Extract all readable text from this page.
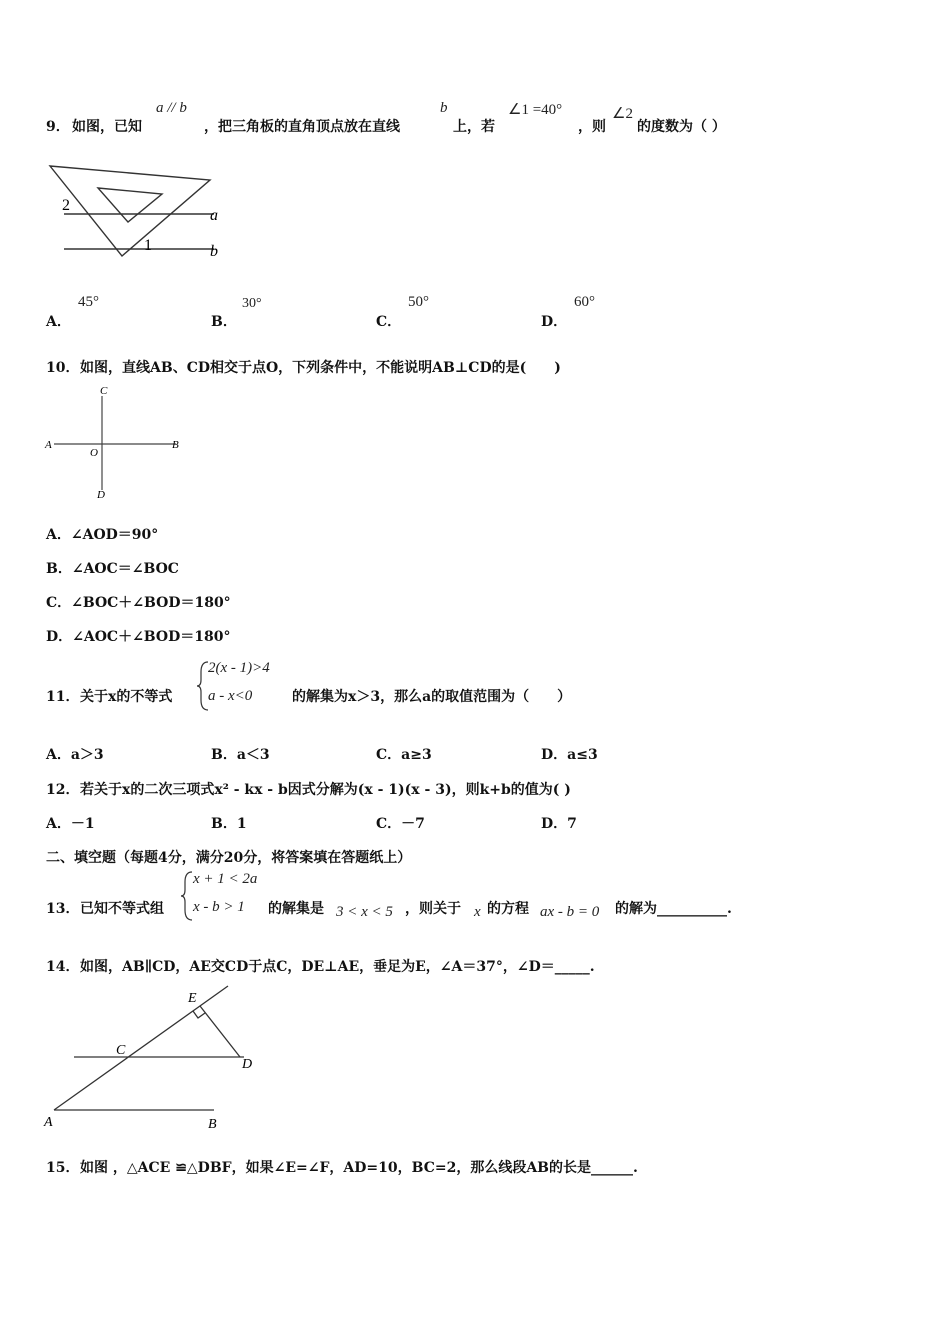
9． 如图，已知
a // b
，把三角板的直角顶点放在直线
b
上，若
∠1 =40°
，则
∠2
的度数为（ ）
2
1
a
b
A．
45°
B．
30°
C．
50°
D．
60°
10． 如图，直线AB、CD相交于点O，下列条件中，不能说明AB⊥CD的是(　　)
C
A	B
O
D
A．∠AOD＝90°
B．∠AOC＝∠BOC
C．∠BOC＋∠BOD＝180°
D．∠AOC＋∠BOD＝180°
11． 关于x的不等式
2(x - 1)>4
a - x<0	的解集为x＞3，那么a的取值范围为（　　）
A．a＞3	B．a＜3	C．a≥3	D．a≤3
12． 若关于x的二次三项式x² - kx - b因式分解为(x - 1)(x - 3)，则k+b的值为( )
A．－1	B．1	C．－7	D．7
二、填空题（每题4分，满分20分，将答案填在答题纸上）
13． 已知不等式组
x + 1 < 2a
x - b > 1 的解集是 3 < x < 5 ，则关于 x 的方程 ax - b = 0 的解为__________.
14． 如图，AB∥CD，AE交CD于点C，DE⊥AE，垂足为E，∠A＝37°，∠D＝_____.
E
C
D
A	B
15． 如图 ，△ACE ≌△DBF，如果∠E=∠F，AD=10，BC=2，那么线段AB的长是______.
